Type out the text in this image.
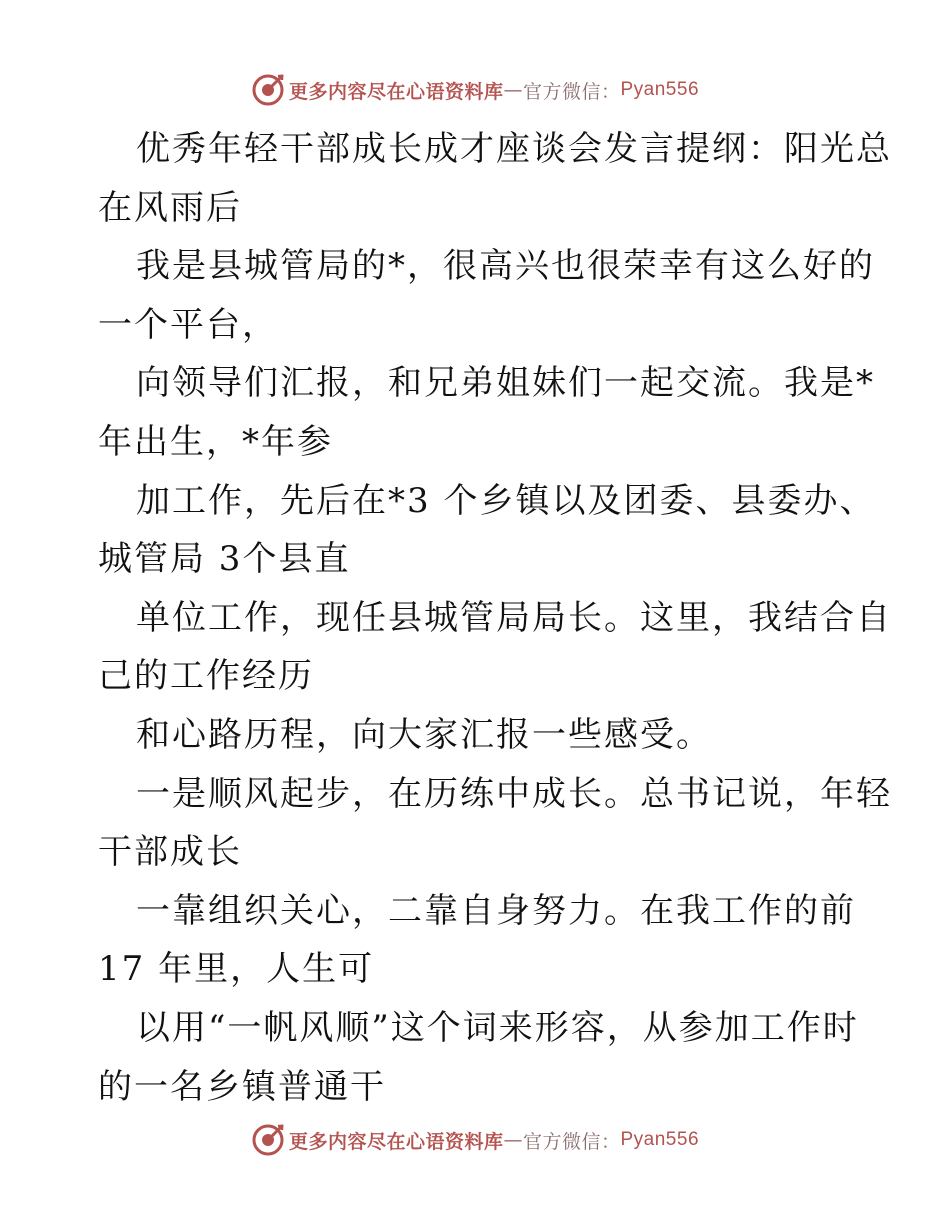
更多内容尽在心语资料库 — 官方微信： Pyan556
优秀年轻干部成长成才座谈会发言提纲：阳光总
在风雨后
我是县城管局的*，很高兴也很荣幸有这么好的
一个平台，
向领导们汇报，和兄弟姐妹们一起交流。我是*
年出生，*年参
加工作，先后在*3 个乡镇以及团委、县委办、
城管局 3个县直
单位工作，现任县城管局局长。这里，我结合自
己的工作经历
和心路历程，向大家汇报一些感受。
一是顺风起步，在历练中成长。总书记说，年轻
干部成长
一靠组织关心，二靠自身努力。在我工作的前
17 年里，人生可
以用“一帆风顺”这个词来形容，从参加工作时
的一名乡镇普通干
更多内容尽在心语资料库 — 官方微信： Pyan556
